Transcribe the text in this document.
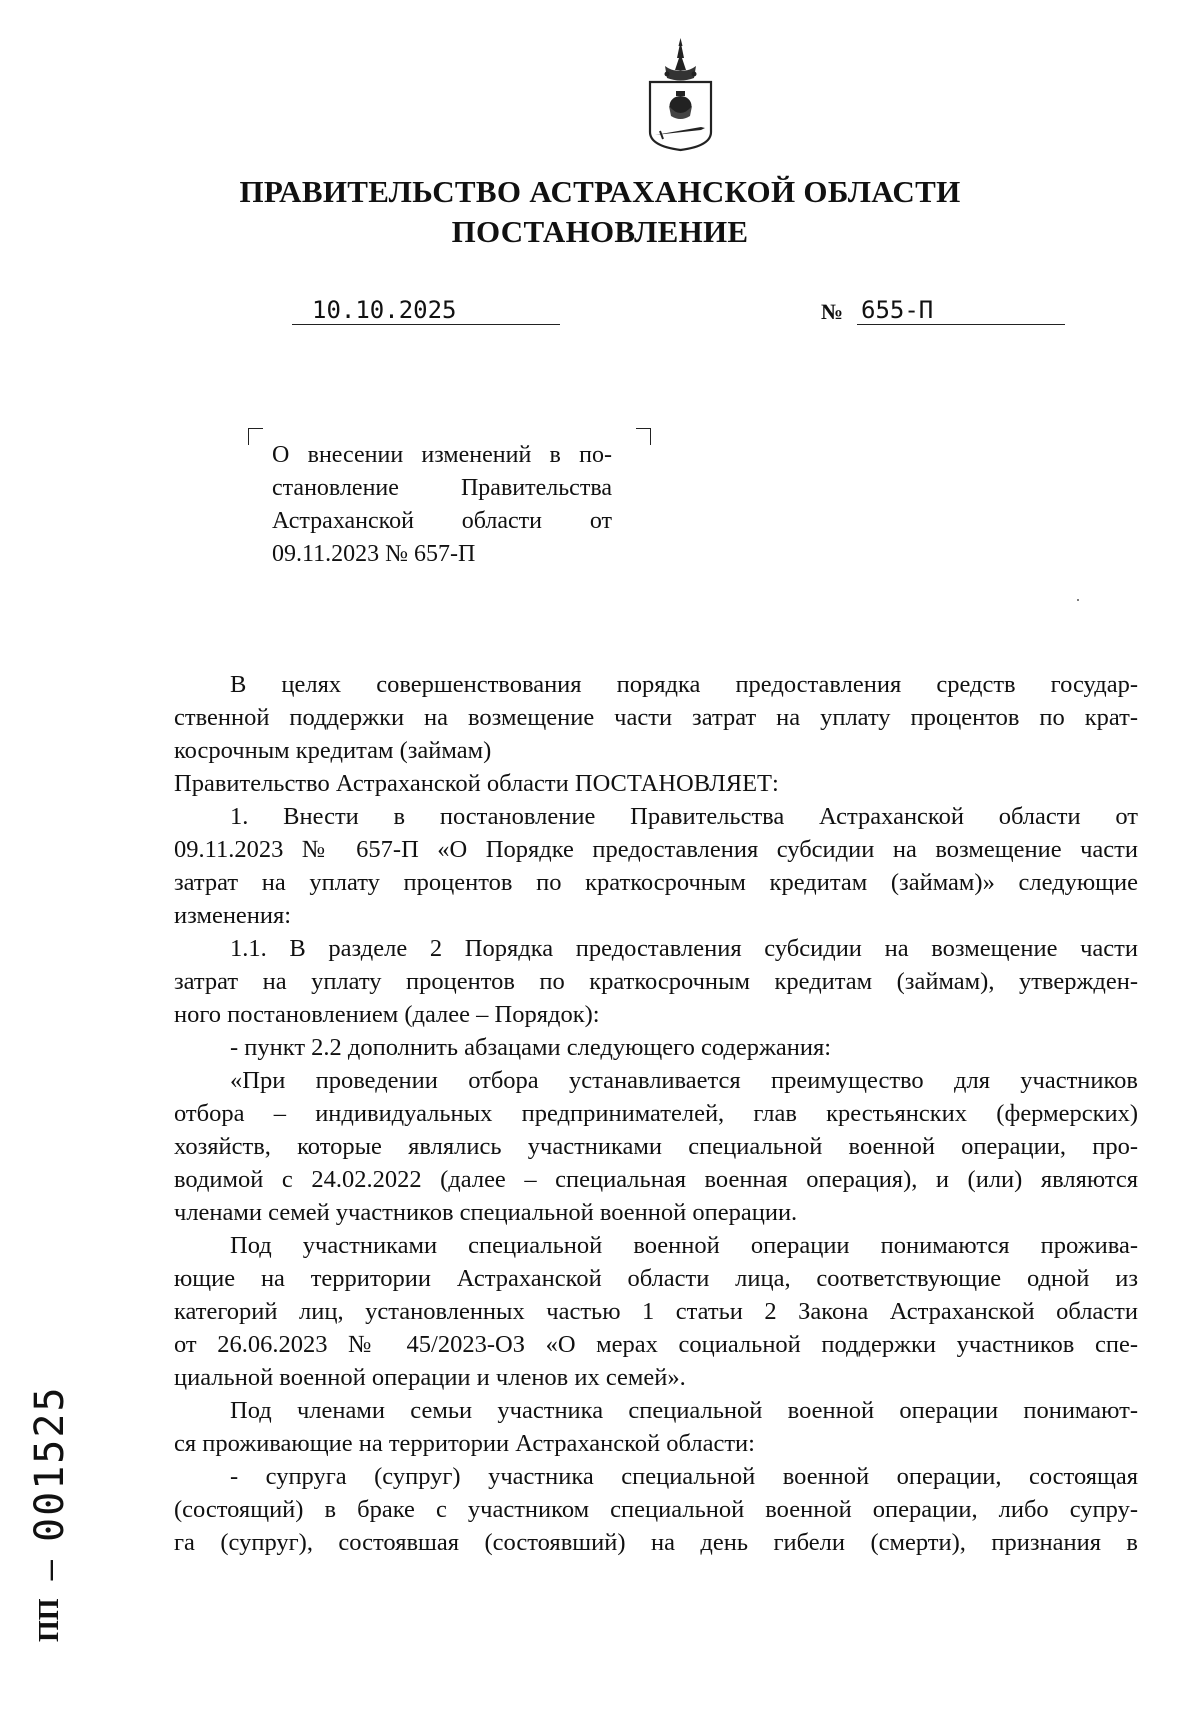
ПРАВИТЕЛЬСТВО АСТРАХАНСКОЙ ОБЛАСТИ
ПОСТАНОВЛЕНИЕ
10.10.2025	№ 655-П
О внесении изменений в по-
становление Правительства
Астраханской области от
09.11.2023 № 657-П
В целях совершенствования порядка предоставления средств государ-
ственной поддержки на возмещение части затрат на уплату процентов по крат-
косрочным кредитам (займам)
Правительство Астраханской области ПОСТАНОВЛЯЕТ:
1. Внести в постановление Правительства Астраханской области от
09.11.2023 № 657-П «О Порядке предоставления субсидии на возмещение части
затрат на уплату процентов по краткосрочным кредитам (займам)» следующие
изменения:
1.1. В разделе 2 Порядка предоставления субсидии на возмещение части
затрат на уплату процентов по краткосрочным кредитам (займам), утвержден-
ного постановлением (далее – Порядок):
- пункт 2.2 дополнить абзацами следующего содержания:
«При проведении отбора устанавливается преимущество для участников
отбора – индивидуальных предпринимателей, глав крестьянских (фермерских)
хозяйств, которые являлись участниками специальной военной операции, про-
водимой с 24.02.2022 (далее – специальная военная операция), и (или) являются
членами семей участников специальной военной операции.
Под участниками специальной военной операции понимаются прожива-
ющие на территории Астраханской области лица, соответствующие одной из
категорий лиц, установленных частью 1 статьи 2 Закона Астраханской области
от 26.06.2023 № 45/2023-ОЗ «О мерах социальной поддержки участников спе-
циальной военной операции и членов их семей».
Под членами семьи участника специальной военной операции понимают-
ся проживающие на территории Астраханской области:
- супруга (супруг) участника специальной военной операции, состоящая
(состоящий) в браке с участником специальной военной операции, либо супру-
га (супруг), состоявшая (состоявший) на день гибели (смерти), признания в
ПП
–
001525
